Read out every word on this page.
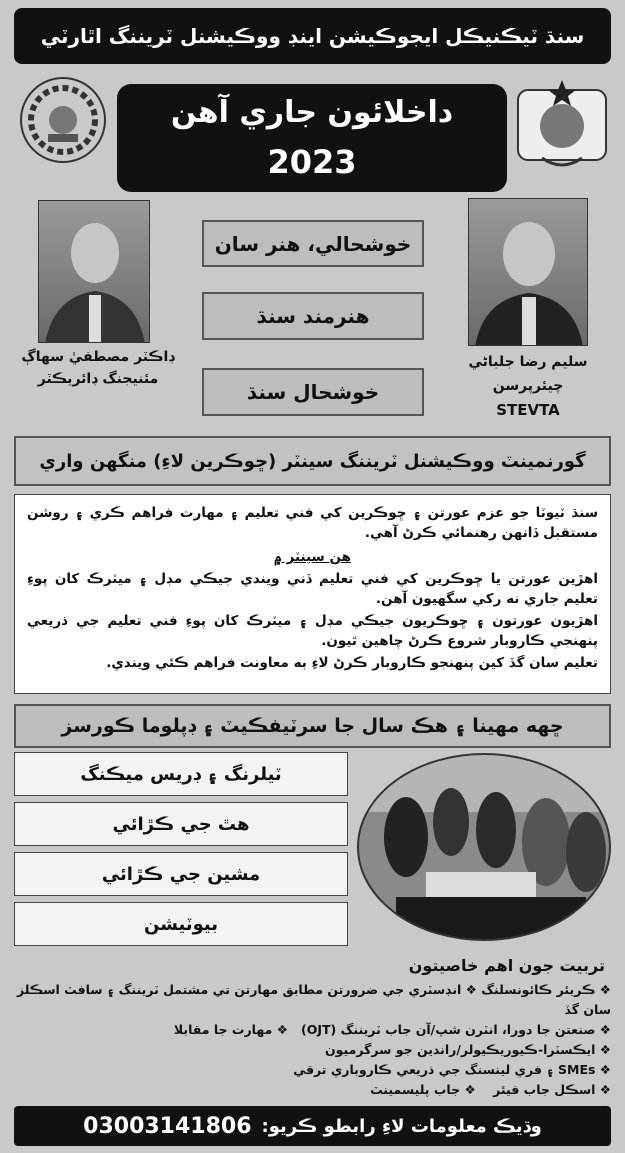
سنڌ ٽيڪنيڪل ايجوڪيشن اينڊ ووڪيشنل ٽريننگ اٿارٽي
داخلائون جاري آهن
2023
ڊاڪٽر مصطفيٰ سهاڳ
مئنيجنگ ڊائريڪٽر
سليم رضا جلباڻي
چيئرپرسن
STEVTA
خوشحالي، هنر سان
هنرمند سنڌ
خوشحال سنڌ
گورنمينٽ ووڪيشنل ٽريننگ سينٽر (ڇوڪرين لاءِ) منگهن واري
سنڌ ٽيوٽا جو عزم عورتن ۽ ڇوڪرين کي فني تعليم ۽ مهارت فراهم ڪري ۽ روشن مستقبل ڏانهن رهنمائي ڪرڻ آهي.
هن سينٽر ۾
اهڙين عورتن يا ڇوڪرين کي فني تعليم ڏني ويندي جيڪي مڊل ۽ ميٽرڪ کان پوءِ تعليم جاري نه رکي سگهيون آهن.
اهڙيون عورتون ۽ ڇوڪريون جيڪي مڊل ۽ ميٽرڪ کان پوءِ فني تعليم جي ذريعي پنهنجي ڪاروبار شروع ڪرڻ چاهين ٿيون.
تعليم سان گڏ کين پنهنجو ڪاروبار ڪرڻ لاءِ به معاونت فراهم ڪئي ويندي.
ڇهه مهينا ۽ هڪ سال جا سرٽيفڪيٽ ۽ ڊپلوما ڪورسز
ٽيلرنگ ۽ ڊريس ميڪنگ
هٿ جي ڪڙائي
مشين جي ڪڙائي
بيوٽيشن
تربيت جون اهم خاصيتون
❖ ڪريئر ڪائونسلنگ ❖ انڊسٽري جي ضرورتن مطابق مهارتن تي مشتمل ٽريننگ ۽ سافٽ اسڪلز سان گڏ
❖ صنعتن جا دورا، انٽرن شپ/آن جاب ٽريننگ (OJT)   ❖ مهارت جا مقابلا
❖ ايڪسٽرا-ڪيوريڪيولر/راندين جو سرگرميون
❖ SMEs ۽ فري لينسنگ جي ذريعي ڪاروباري ترقي
❖ اسڪل جاب فيئر    ❖ جاب پليسمينٽ
وڌيڪ معلومات لاءِ رابطو ڪريو:
03003141806
